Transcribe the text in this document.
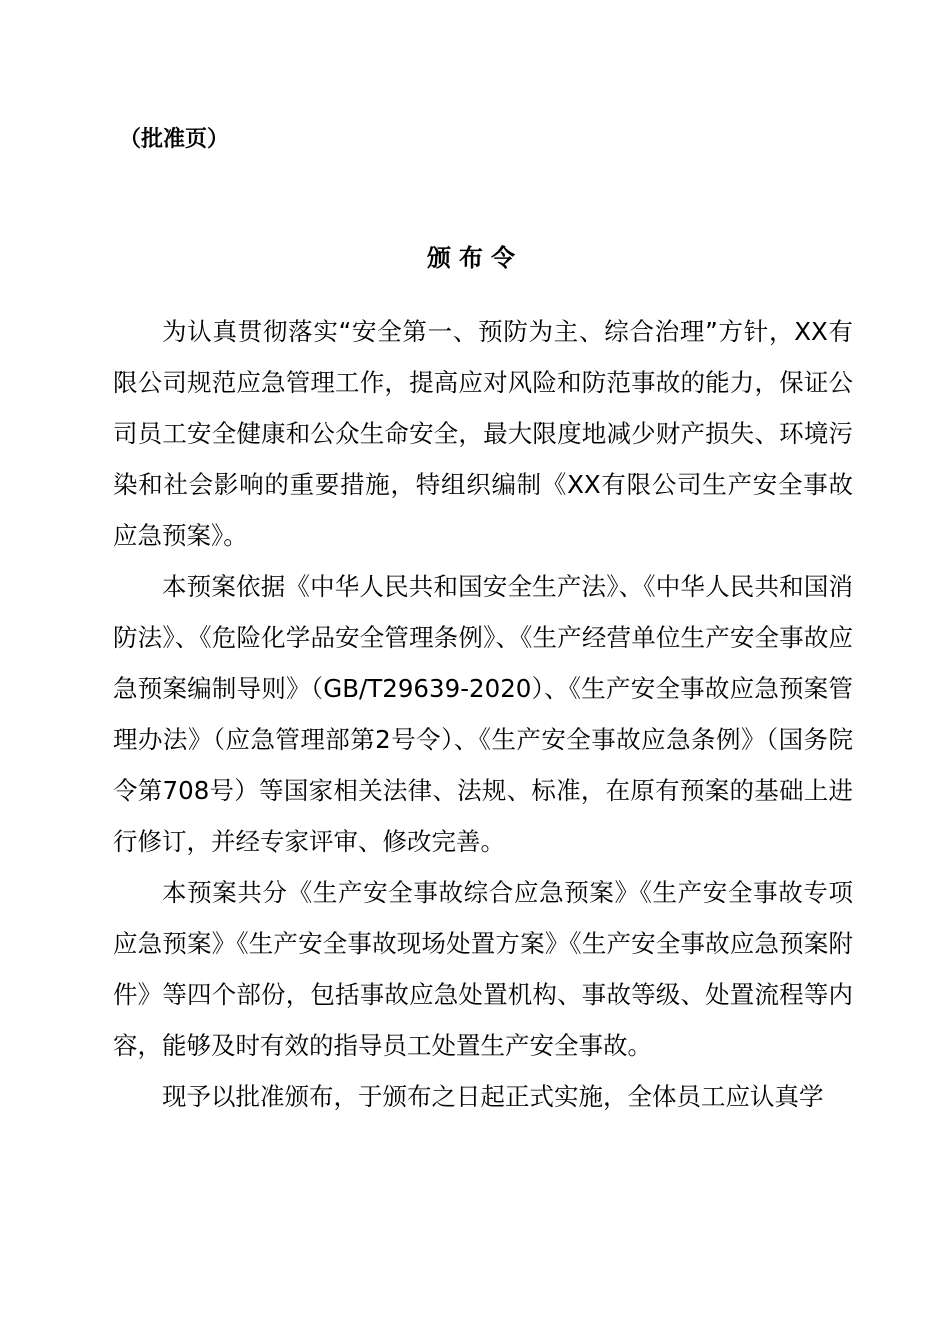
（批准页）
颁布令

为认真贯彻落实“安全第一、预防为主、综合治理”方针，XX有限公司规范应急管理工作，提高应对风险和防范事故的能力，保证公司员工安全健康和公众生命安全，最大限度地减少财产损失、环境污染和社会影响的重要措施，特组织编制《XX有限公司生产安全事故应急预案》。

本预案依据《中华人民共和国安全生产法》、《中华人民共和国消防法》、《危险化学品安全管理条例》、《生产经营单位生产安全事故应急预案编制导则》（GB/T29639-2020）、《生产安全事故应急预案管理办法》（应急管理部第2号令）、《生产安全事故应急条例》（国务院令第708号）等国家相关法律、法规、标准，在原有预案的基础上进行修订，并经专家评审、修改完善。

本预案共分《生产安全事故综合应急预案》《生产安全事故专项应急预案》《生产安全事故现场处置方案》《生产安全事故应急预案附件》等四个部份，包括事故应急处置机构、事故等级、处置流程等内容，能够及时有效的指导员工处置生产安全事故。

现予以批准颁布，于颁布之日起正式实施，全体员工应认真学
